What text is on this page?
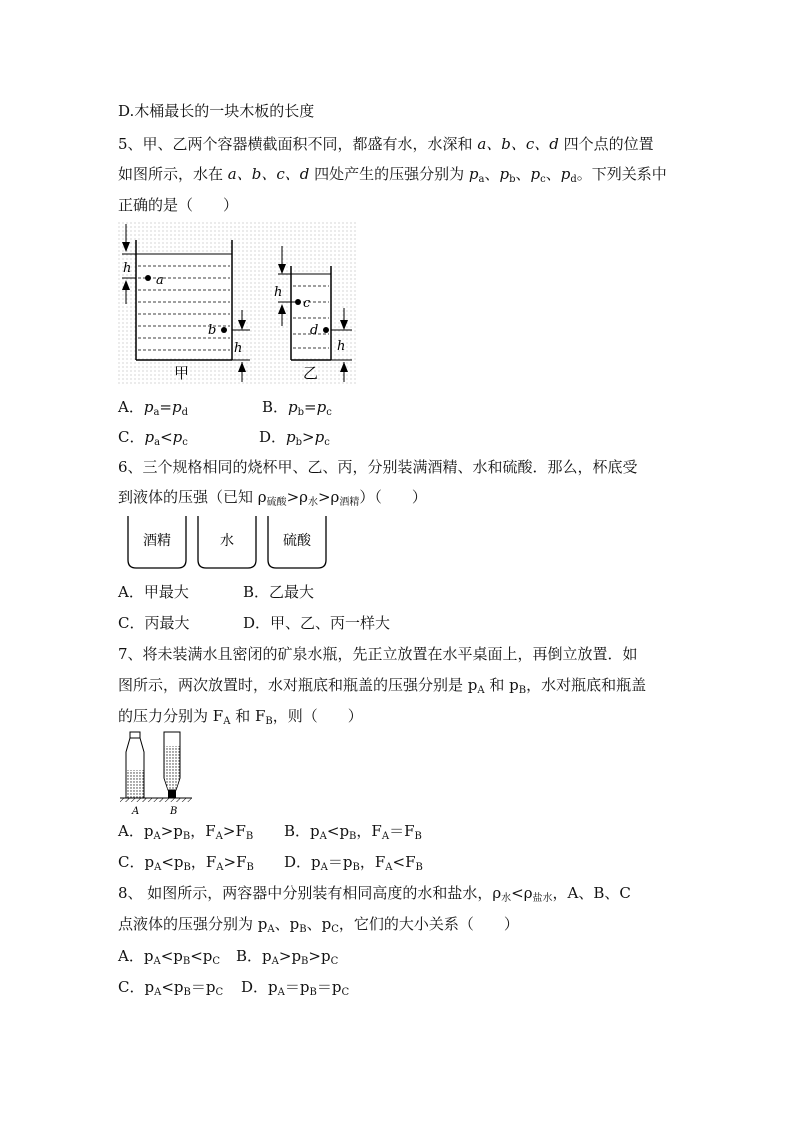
D.木桶最长的一块木板的长度
5、甲、乙两个容器横截面积不同，都盛有水，水深和 a、b、c、d 四个点的位置
如图所示，水在 a、b、c、d 四处产生的压强分别为 $p_a$、$p_b$、$p_c$、$p_d$。下列关系中
正确的是（　　）
a
b
h
h
甲
c
d
h
h
乙
A．$p_a=p_d$	B．$p_b=p_c$
C．$p_a<p_c$	D．$p_b>p_c$
6、三个规格相同的烧杯甲、乙、丙，分别装满酒精、水和硫酸．那么，杯底受
到液体的压强（已知 $\rho_{硫酸}>\rho_水>\rho_{酒精}$）（　　）
酒精	水	硫酸
A．甲最大	B．乙最大
C．丙最大	D．甲、乙、丙一样大
7、将未装满水且密闭的矿泉水瓶，先正立放置在水平桌面上，再倒立放置．如
图所示，两次放置时，水对瓶底和瓶盖的压强分别是 $p_A$ 和 $p_B$，水对瓶底和瓶盖
的压力分别为 $F_A$ 和 $F_B$，则（　　）
A	B
A．$p_A>p_B$，$F_A>F_B$ B．$p_A<p_B$，$F_A=F_B$
C．$p_A<p_B$，$F_A>F_B$ D．$p_A=p_B$，$F_A<F_B$
8、 如图所示，两容器中分别装有相同高度的水和盐水，$\rho_水<\rho_{盐水}$，A、B、C
点液体的压强分别为 $p_A$、$p_B$、$p_C$，它们的大小关系（　　）
A．$p_A<p_B<p_C$ B．$p_A>p_B>p_C$
C．$p_A<p_B=p_C$ D．$p_A=p_B=p_C$
